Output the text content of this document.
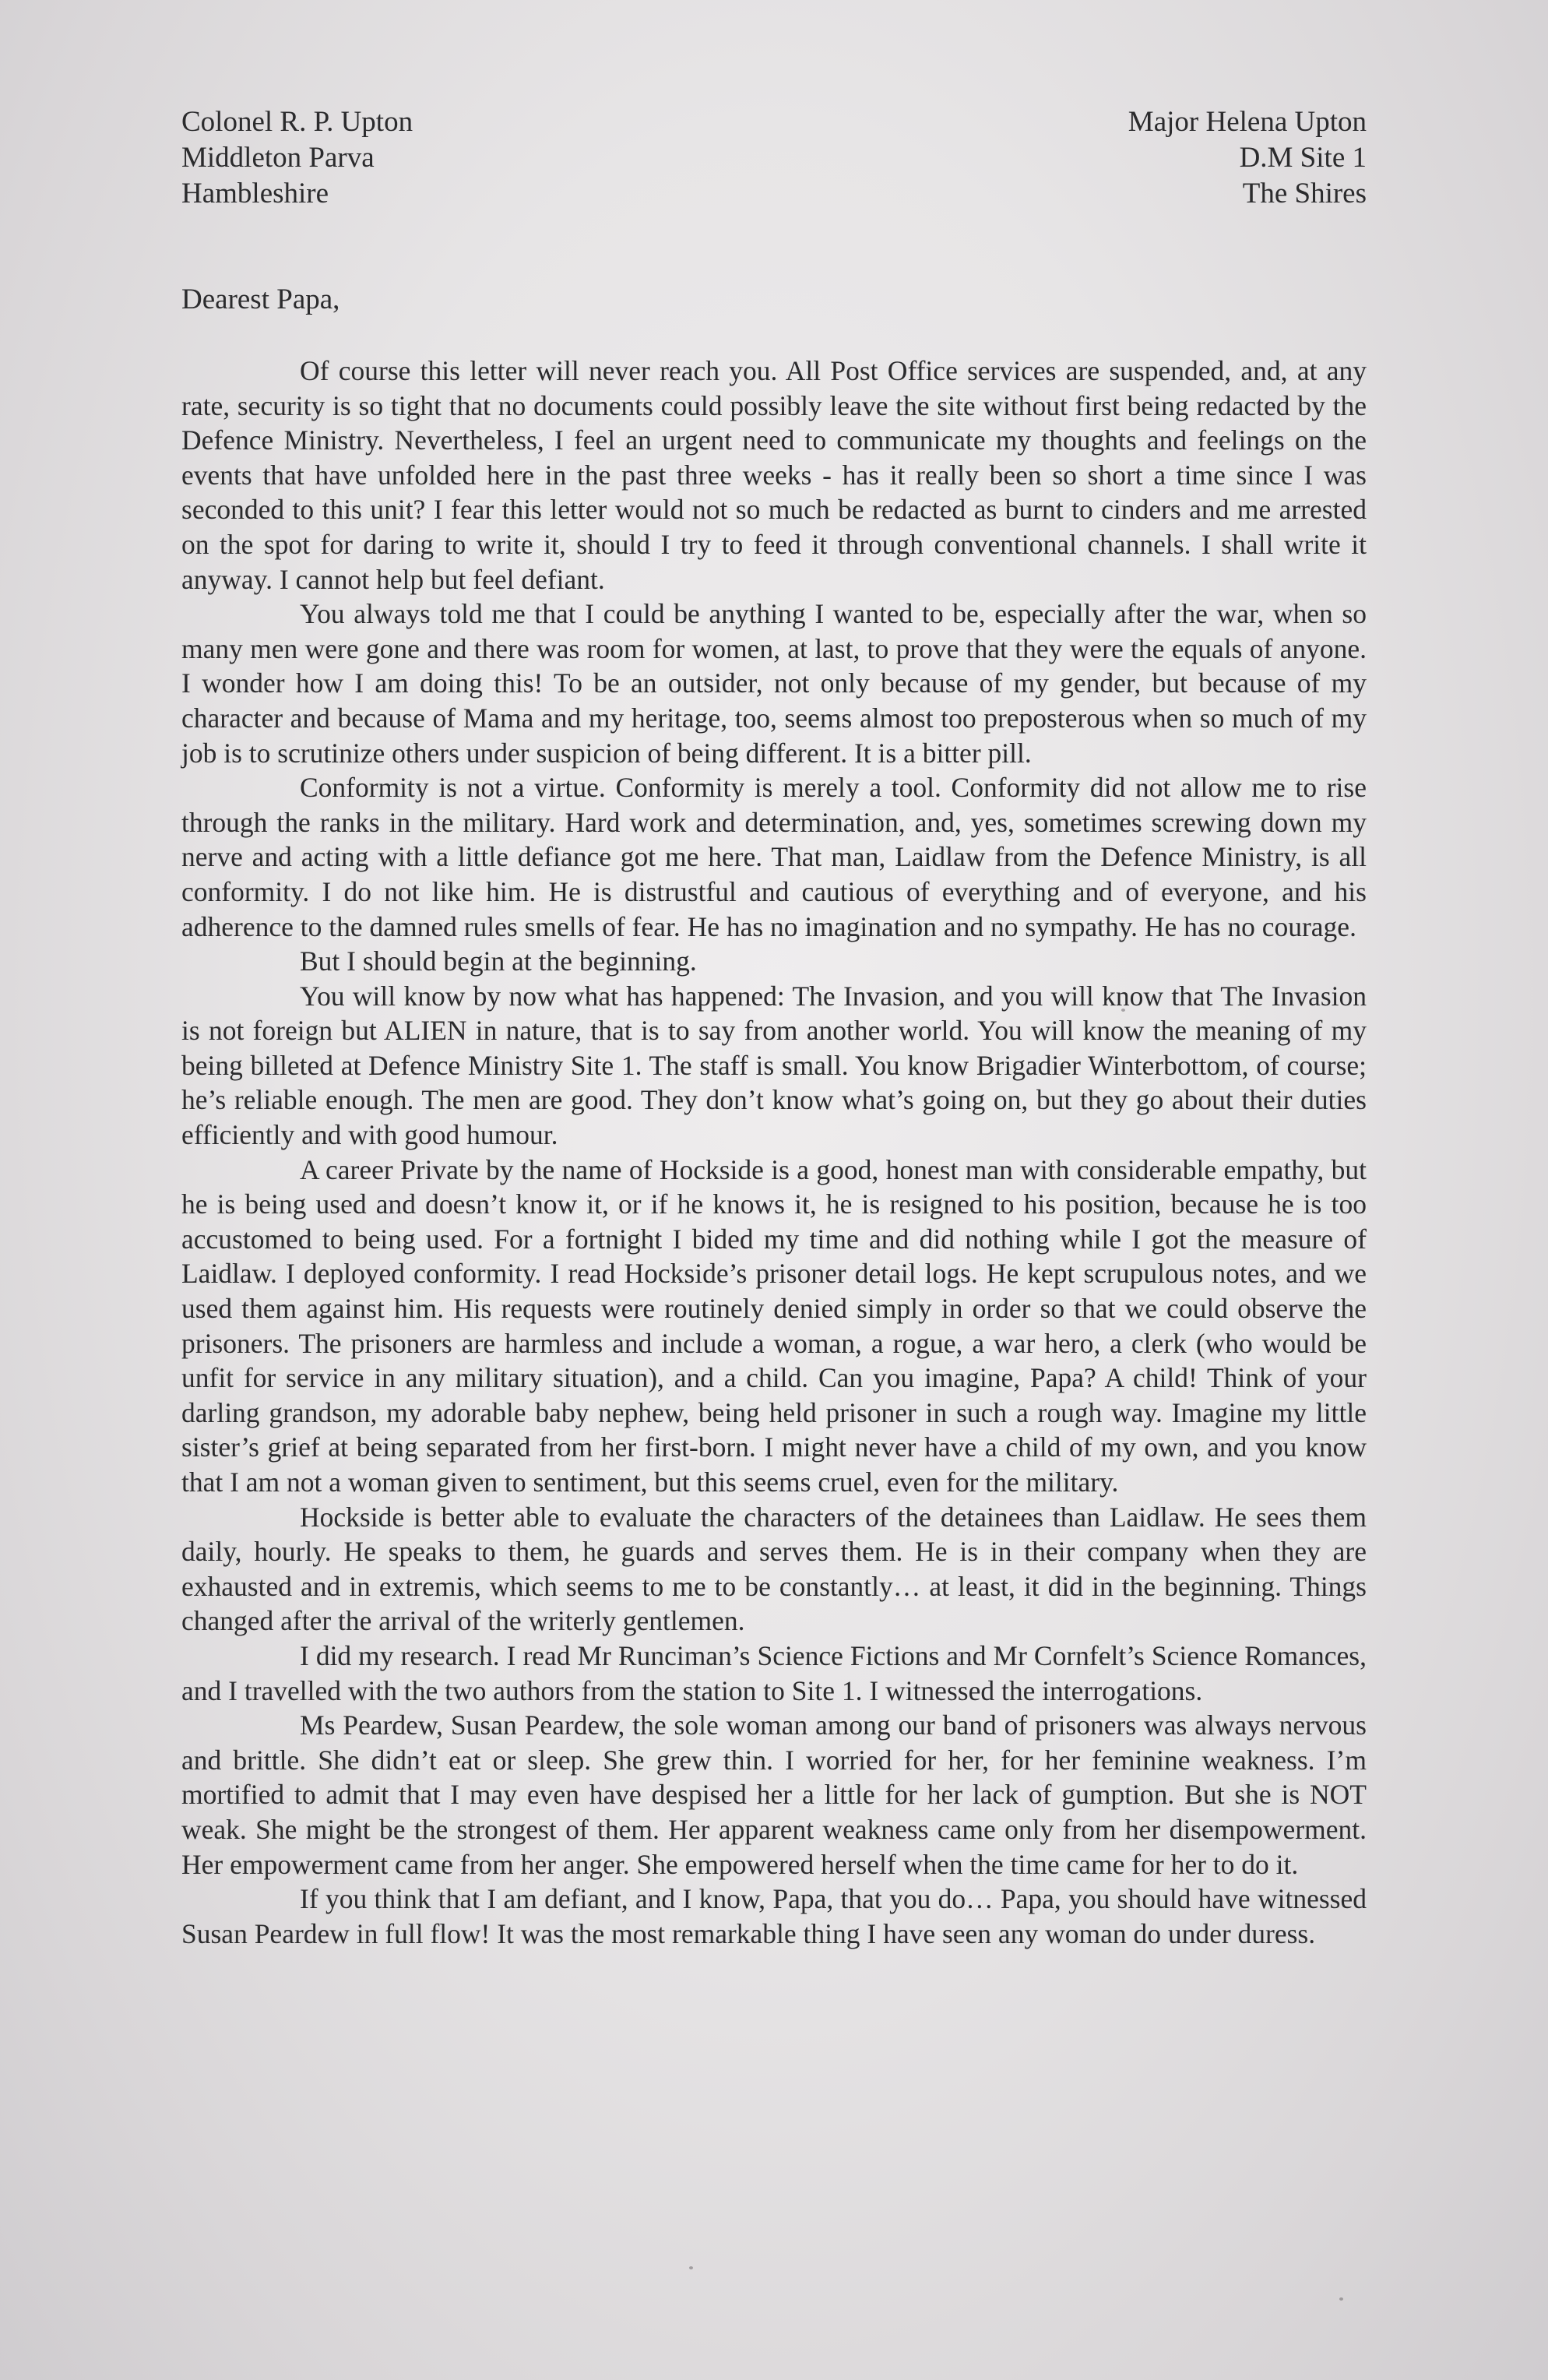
Colonel R. P. Upton
Middleton Parva
Hambleshire
Major Helena Upton
D.M Site 1
The Shires
Dearest Papa,

Of course this letter will never reach you. All Post Office services are suspended, and, at any rate, security is so tight that no documents could possibly leave the site without first being redacted by the Defence Ministry. Nevertheless, I feel an urgent need to communicate my thoughts and feelings on the events that have unfolded here in the past three weeks - has it really been so short a time since I was seconded to this unit? I fear this letter would not so much be redacted as burnt to cinders and me arrested on the spot for daring to write it, should I try to feed it through conventional channels. I shall write it anyway. I cannot help but feel defiant.

You always told me that I could be anything I wanted to be, especially after the war, when so many men were gone and there was room for women, at last, to prove that they were the equals of anyone. I wonder how I am doing this! To be an outsider, not only because of my gender, but because of my character and because of Mama and my heritage, too, seems almost too preposterous when so much of my job is to scrutinize others under suspicion of being different. It is a bitter pill.

Conformity is not a virtue. Conformity is merely a tool. Conformity did not allow me to rise through the ranks in the military. Hard work and determination, and, yes, sometimes screwing down my nerve and acting with a little defiance got me here. That man, Laidlaw from the Defence Ministry, is all conformity. I do not like him. He is distrustful and cautious of everything and of everyone, and his adherence to the damned rules smells of fear. He has no imagination and no sympathy. He has no courage.

But I should begin at the beginning.

You will know by now what has happened: The Invasion, and you will know that The Invasion is not foreign but ALIEN in nature, that is to say from another world. You will know the meaning of my being billeted at Defence Ministry Site 1. The staff is small. You know Brigadier Winterbottom, of course; he’s reliable enough. The men are good. They don’t know what’s going on, but they go about their duties efficiently and with good humour.

A career Private by the name of Hockside is a good, honest man with considerable empathy, but he is being used and doesn’t know it, or if he knows it, he is resigned to his position, because he is too accustomed to being used. For a fortnight I bided my time and did nothing while I got the measure of Laidlaw. I deployed conformity. I read Hockside’s prisoner detail logs. He kept scrupulous notes, and we used them against him. His requests were routinely denied simply in order so that we could observe the prisoners. The prisoners are harmless and include a woman, a rogue, a war hero, a clerk (who would be unfit for service in any military situation), and a child. Can you imagine, Papa? A child! Think of your darling grandson, my adorable baby nephew, being held prisoner in such a rough way. Imagine my little sister’s grief at being separated from her first-born. I might never have a child of my own, and you know that I am not a woman given to sentiment, but this seems cruel, even for the military.

Hockside is better able to evaluate the characters of the detainees than Laidlaw. He sees them daily, hourly. He speaks to them, he guards and serves them. He is in their company when they are exhausted and in extremis, which seems to me to be constantly… at least, it did in the beginning. Things changed after the arrival of the writerly gentlemen.

I did my research. I read Mr Runciman’s Science Fictions and Mr Cornfelt’s Science Romances, and I travelled with the two authors from the station to Site 1. I witnessed the interrogations.

Ms Peardew, Susan Peardew, the sole woman among our band of prisoners was always nervous and brittle. She didn’t eat or sleep. She grew thin. I worried for her, for her feminine weakness. I’m mortified to admit that I may even have despised her a little for her lack of gumption. But she is NOT weak. She might be the strongest of them. Her apparent weakness came only from her disempowerment. Her empowerment came from her anger. She empowered herself when the time came for her to do it.

If you think that I am defiant, and I know, Papa, that you do… Papa, you should have witnessed Susan Peardew in full flow! It was the most remarkable thing I have seen any woman do under duress.
